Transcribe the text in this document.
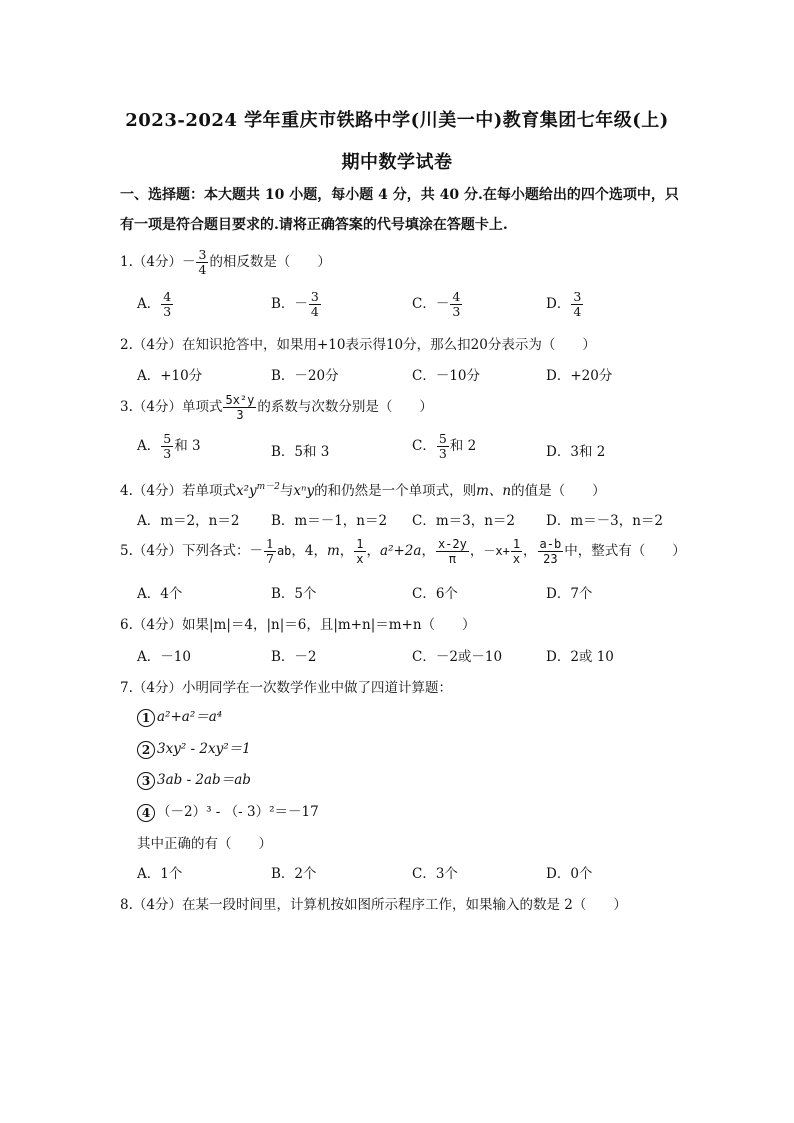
2023-2024 学年重庆市铁路中学(川美一中)教育集团七年级(上)
期中数学试卷
一、选择题：本大题共 10 小题，每小题 4 分，共 40 分.在每小题给出的四个选项中，只有一项是符合题目要求的.请将正确答案的代号填涂在答题卡上.
1.（4分）－ $\frac{3}{4}$ 的相反数是（　　）
A． $\frac{4}{3}$	B．－ $\frac{3}{4}$	C．－ $\frac{4}{3}$	D． $\frac{3}{4}$
2.（4分）在知识抢答中，如果用+10表示得10分，那么扣20分表示为（　　）
A．+10分	B．－20分	C．－10分	D．+20分
3.（4分）单项式 $\frac{\text{5x²y}}{3}$ 的系数与次数分别是（　　）
A． $\frac{5}{3}$ 和 3	B．5和 3	C． $\frac{5}{3}$ 和 2	D．3和 2
4.（4分）若单项式$x^2y^{m-2}$与xⁿy的和仍然是一个单项式，则m、n的值是（　　）
A．m＝2，n＝2 B．m＝－1，n＝2 C．m＝3，n＝2 D．m＝－3，n＝2
5.（4分）下列各式：－ $\frac{1}{7}$ ab，4，m， $\frac{1}{x}$ ，a²+2a， $\frac{x-2y}{\pi}$ ，$-x+ \frac{1}{x}$ ， $\frac{a-b}{23}$ 中，整式有（　　）
A．4个	B．5个	C．6个	D．7个
6.（4分）如果|m|＝4，|n|＝6，且|m+n|＝m+n（　　）
A．－10	B．－2	C．－2或－10	D．2或 10
7.（4分）小明同学在一次数学作业中做了四道计算题：
1 a²+a²＝a⁴
2 3xy² - 2xy²＝1
3 3ab - 2ab＝ab
4 （－2）³ - （- 3）²＝－17
其中正确的有（　　）
A．1个	B．2个	C．3个	D．0个
8.（4分）在某一段时间里，计算机按如图所示程序工作，如果输入的数是 2（　　）
